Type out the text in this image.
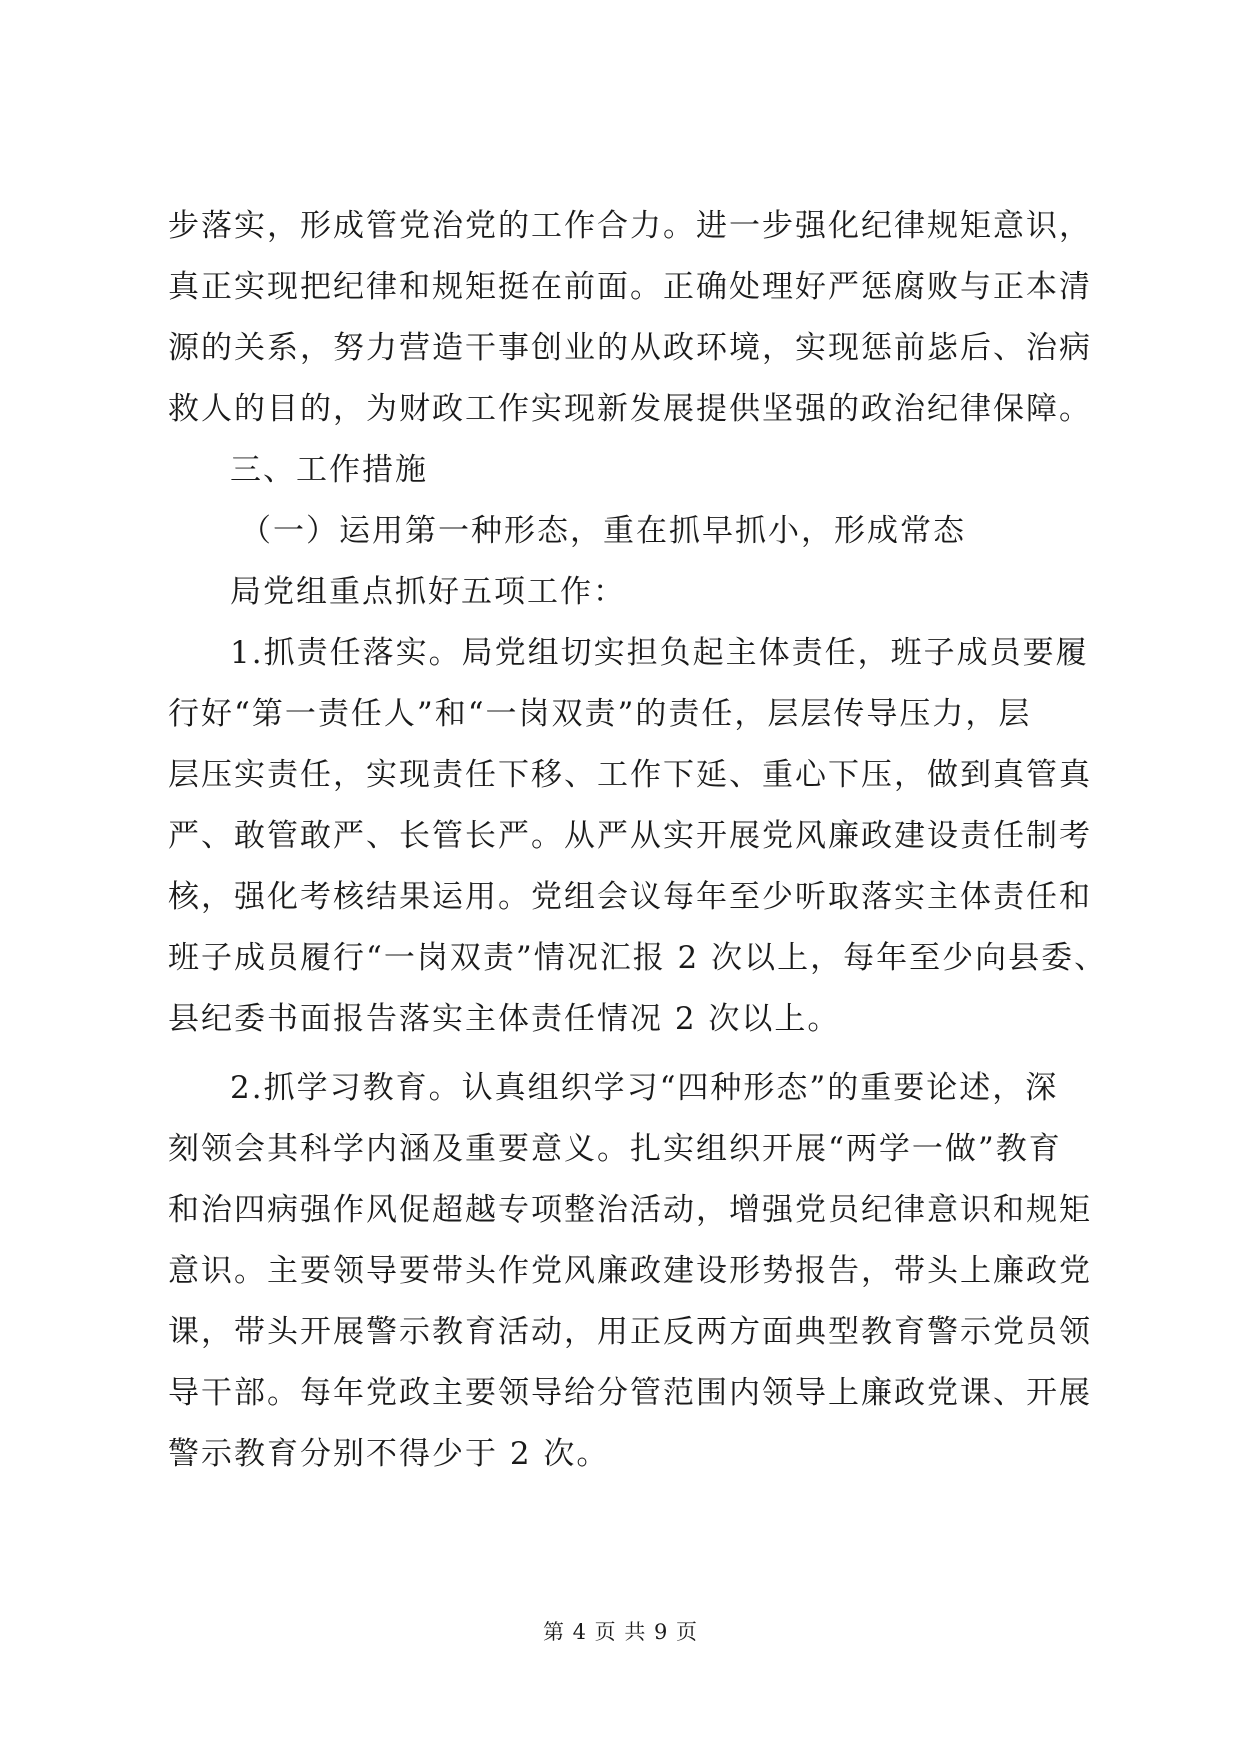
步落实，形成管党治党的工作合力。进一步强化纪律规矩意识，
真正实现把纪律和规矩挺在前面。正确处理好严惩腐败与正本清
源的关系，努力营造干事创业的从政环境，实现惩前毖后、治病
救人的目的，为财政工作实现新发展提供坚强的政治纪律保障。
三、工作措施
（一）运用第一种形态，重在抓早抓小，形成常态
局党组重点抓好五项工作：
1.抓责任落实。局党组切实担负起主体责任，班子成员要履
行好“第一责任人”和“一岗双责”的责任，层层传导压力，层
层压实责任，实现责任下移、工作下延、重心下压，做到真管真
严、敢管敢严、长管长严。从严从实开展党风廉政建设责任制考
核，强化考核结果运用。党组会议每年至少听取落实主体责任和
班子成员履行“一岗双责”情况汇报 2 次以上，每年至少向县委、
县纪委书面报告落实主体责任情况 2 次以上。
2.抓学习教育。认真组织学习“四种形态”的重要论述，深
刻领会其科学内涵及重要意义。扎实组织开展“两学一做”教育
和治四病强作风促超越专项整治活动，增强党员纪律意识和规矩
意识。主要领导要带头作党风廉政建设形势报告，带头上廉政党
课，带头开展警示教育活动，用正反两方面典型教育警示党员领
导干部。每年党政主要领导给分管范围内领导上廉政党课、开展
警示教育分别不得少于 2 次。
第 4 页 共 9 页
